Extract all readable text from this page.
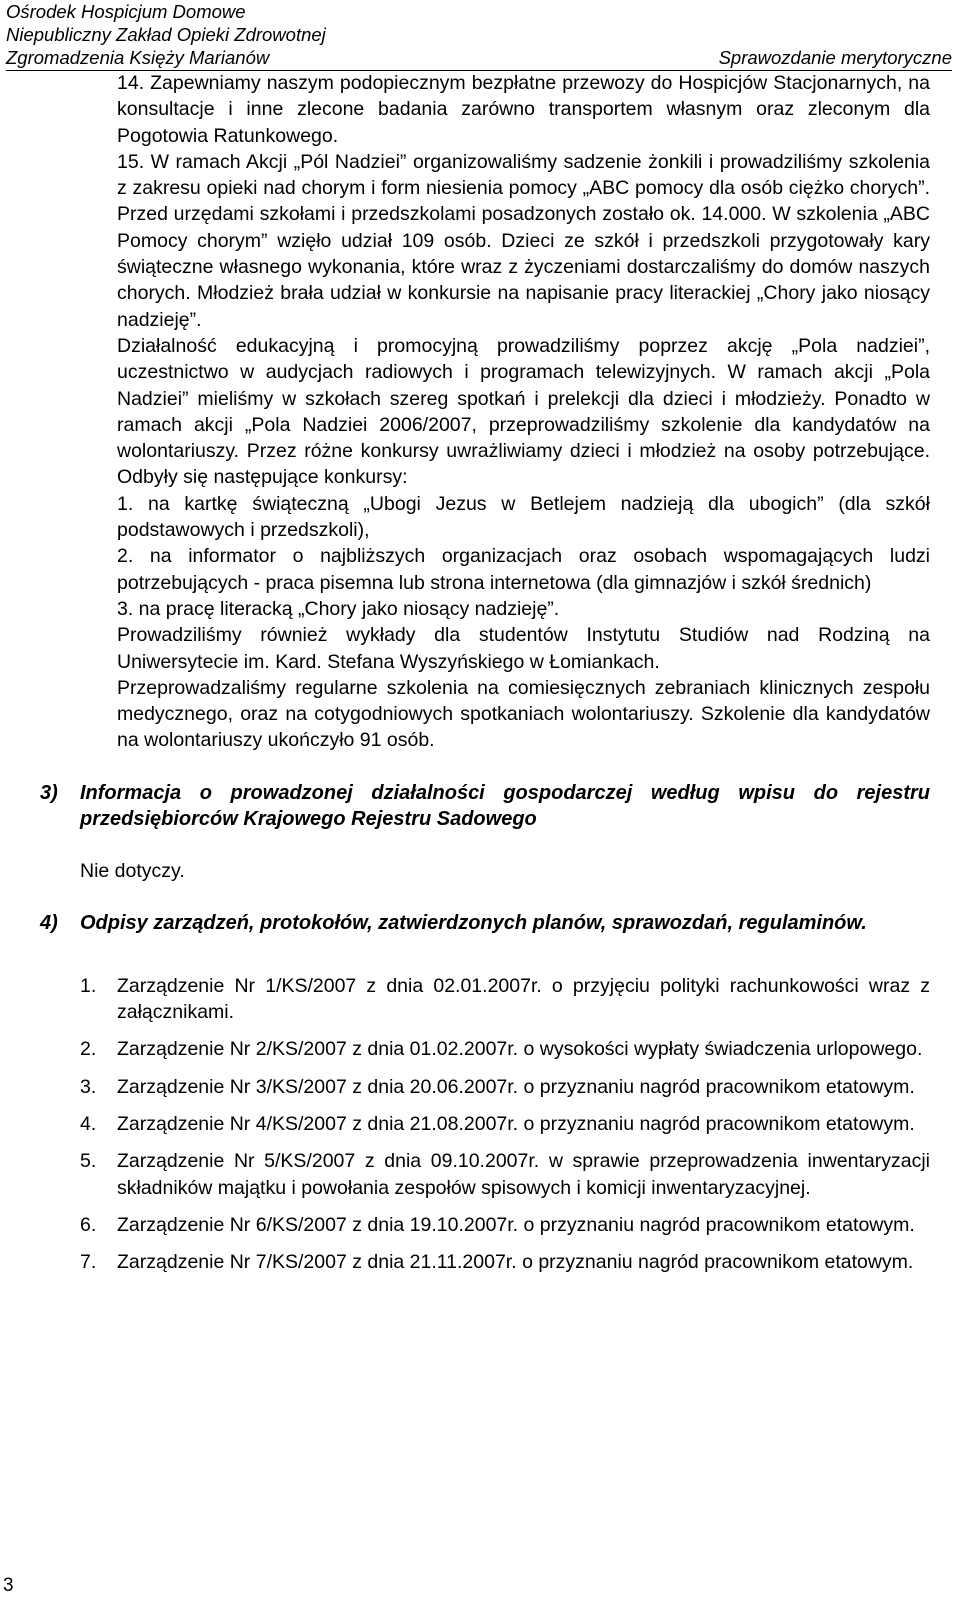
Ośrodek Hospicjum Domowe
Niepubliczny Zakład Opieki Zdrowotnej
Zgromadzenia Księży Marianów	Sprawozdanie merytoryczne

14. Zapewniamy naszym podopiecznym bezpłatne przewozy do Hospicjów Stacjonarnych, na konsultacje i inne zlecone badania zarówno transportem własnym oraz zleconym dla Pogotowia Ratunkowego.

15. W ramach Akcji „Pól Nadziei” organizowaliśmy sadzenie żonkili i prowadziliśmy szkolenia z zakresu opieki nad chorym i form niesienia pomocy „ABC pomocy dla osób ciężko chorych”. Przed urzędami szkołami i przedszkolami posadzonych zostało ok. 14.000. W szkolenia „ABC Pomocy chorym” wzięło udział 109 osób. Dzieci ze szkół i przedszkoli przygotowały kary świąteczne własnego wykonania, które wraz z życzeniami dostarczaliśmy do domów naszych chorych. Młodzież brała udział w konkursie na napisanie pracy literackiej „Chory jako niosący nadzieję”.

Działalność edukacyjną i promocyjną prowadziliśmy poprzez akcję „Pola nadziei”, uczestnictwo w audycjach radiowych i programach telewizyjnych. W ramach akcji „Pola Nadziei” mieliśmy w szkołach szereg spotkań i prelekcji dla dzieci i młodzieży. Ponadto w ramach akcji „Pola Nadziei 2006/2007, przeprowadziliśmy szkolenie dla kandydatów na wolontariuszy. Przez różne konkursy uwrażliwiamy dzieci i młodzież na osoby potrzebujące. Odbyły się następujące konkursy:

1. na kartkę świąteczną „Ubogi Jezus w Betlejem nadzieją dla ubogich” (dla szkół podstawowych i przedszkoli),

2. na informator o najbliższych organizacjach oraz osobach wspomagających ludzi potrzebujących - praca pisemna lub strona internetowa (dla gimnazjów i szkół średnich)

3. na pracę literacką „Chory jako niosący nadzieję”.

Prowadziliśmy również wykłady dla studentów Instytutu Studiów nad Rodziną na Uniwersytecie im. Kard. Stefana Wyszyńskiego w Łomiankach.

Przeprowadzaliśmy regularne szkolenia na comiesięcznych zebraniach klinicznych zespołu medycznego, oraz na cotygodniowych spotkaniach wolontariuszy. Szkolenie dla kandydatów na wolontariuszy ukończyło 91 osób.

3) Informacja o prowadzonej działalności gospodarczej według wpisu do rejestru przedsiębiorców Krajowego Rejestru Sadowego
Nie dotyczy.
4) Odpisy zarządzeń, protokołów, zatwierdzonych planów, sprawozdań, regulaminów.
1. Zarządzenie Nr 1/KS/2007 z dnia 02.01.2007r. o przyjęciu polityki rachunkowości wraz z załącznikami.
2. Zarządzenie Nr 2/KS/2007 z dnia 01.02.2007r. o wysokości wypłaty świadczenia urlopowego.
3. Zarządzenie Nr 3/KS/2007 z dnia 20.06.2007r. o przyznaniu nagród pracownikom etatowym.
4. Zarządzenie Nr 4/KS/2007 z dnia 21.08.2007r. o przyznaniu nagród pracownikom etatowym.
5. Zarządzenie Nr 5/KS/2007 z dnia 09.10.2007r. w sprawie przeprowadzenia inwentaryzacji składników majątku i powołania zespołów spisowych i komicji inwentaryzacyjnej.
6. Zarządzenie Nr 6/KS/2007 z dnia 19.10.2007r. o przyznaniu nagród pracownikom etatowym.
7. Zarządzenie Nr 7/KS/2007 z dnia 21.11.2007r. o przyznaniu nagród pracownikom etatowym.
3
